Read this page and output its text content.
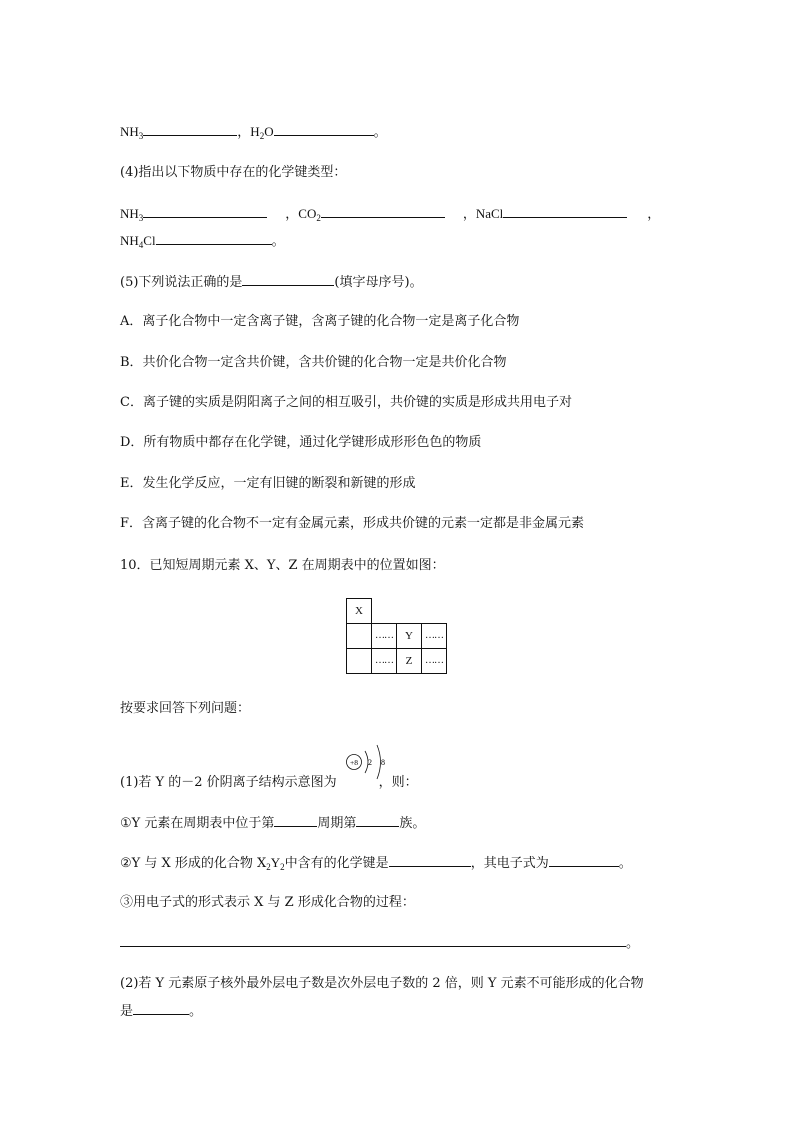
$NH_3$	，$H_2O$	。
(4)指出以下物质中存在的化学键类型：
$NH_3$	，$CO_2$	，NaCl	，
$NH_4Cl$	。
(5)下列说法正确的是	(填字母序号)。
A．离子化合物中一定含离子键，含离子键的化合物一定是离子化合物
B．共价化合物一定含共价键，含共价键的化合物一定是共价化合物
C．离子键的实质是阴阳离子之间的相互吸引，共价键的实质是形成共用电子对
D．所有物质中都存在化学键，通过化学键形成形形色色的物质
E．发生化学反应，一定有旧键的断裂和新键的形成
F．含离子键的化合物不一定有金属元素，形成共价键的元素一定都是非金属元素
10．已知短周期元素 X、Y、Z 在周期表中的位置如图：
X			
	……	Y	……
	……	Z	……
按要求回答下列问题：
+8 2 8
(1)若 Y 的－2 价阴离子结构示意图为	，则：
①Y 元素在周期表中位于第	周期第	族。
②Y 与 X 形成的化合物 $X_2Y_2$中含有的化学键是	，其电子式为	。
③用电子式的形式表示 X 与 Z 形成化合物的过程：
。
(2)若 Y 元素原子核外最外层电子数是次外层电子数的 2 倍，则 Y 元素不可能形成的化合物
是	。
